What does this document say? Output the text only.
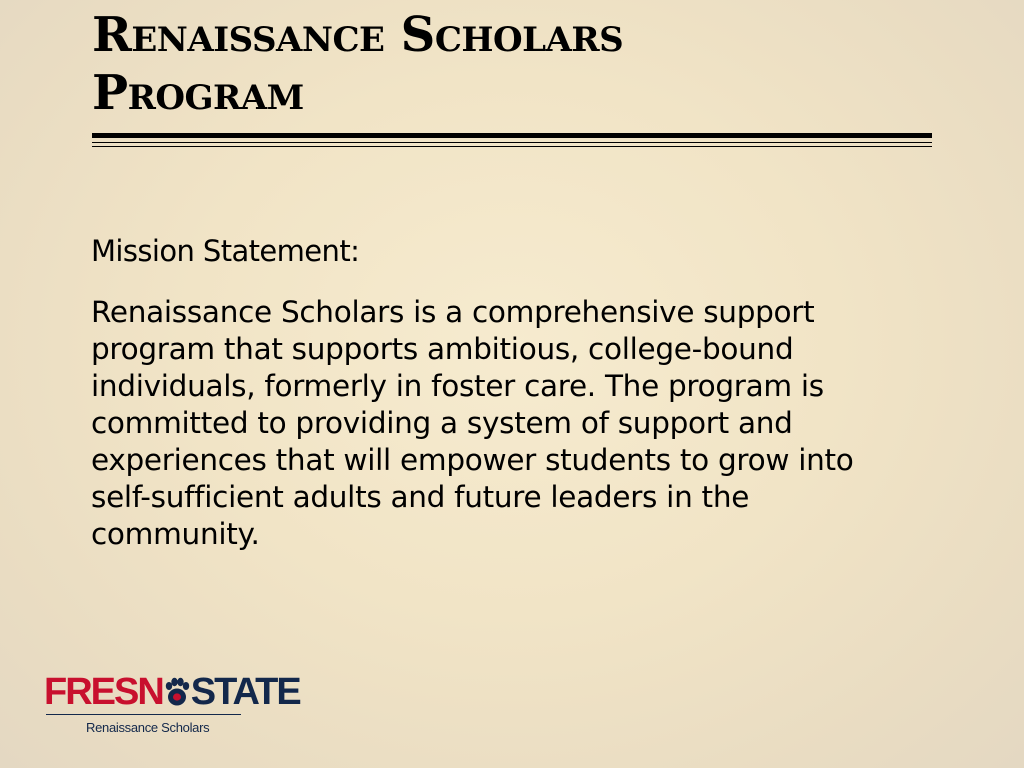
Renaissance Scholars
Program
Mission Statement:

Renaissance Scholars is a comprehensive support program that supports ambitious, college-bound individuals, formerly in foster care. The program is committed to providing a system of support and experiences that will empower students to grow into self-sufficient adults and future leaders in the community.

FRESN STATE
Renaissance Scholars
